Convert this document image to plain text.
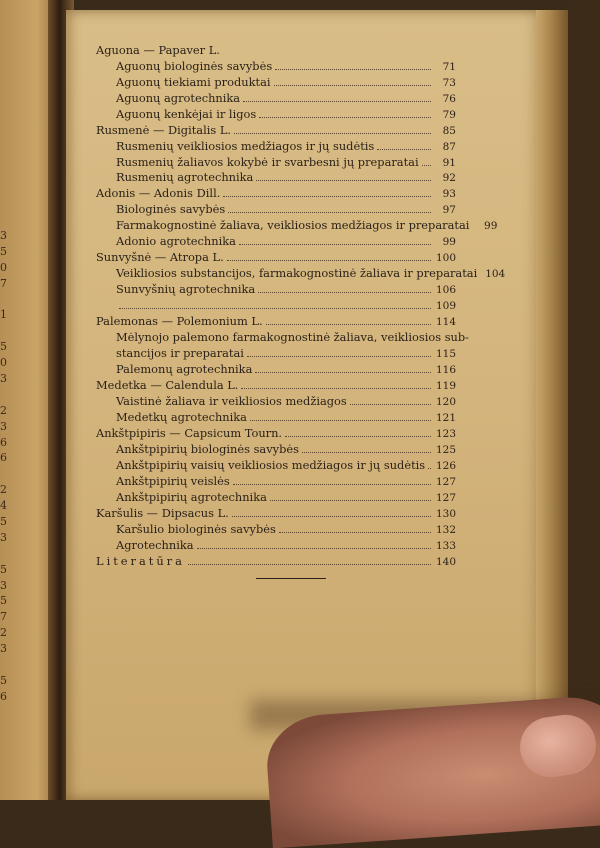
3
5
0
7
1
5
0
3
2
3
6
6
2
4
5
3
5
3
5
7
2
3
5
6
Aguona — Papaver L.
Aguonų biologinės savybės	71
Aguonų tiekiami produktai	73
Aguonų agrotechnika	76
Aguonų kenkėjai ir ligos	79
Rusmenė — Digitalis L.	85
Rusmenių veikliosios medžiagos ir jų sudėtis	87
Rusmenių žaliavos kokybė ir svarbesni jų preparatai	91
Rusmenių agrotechnika	92
Adonis — Adonis Dill.	93
Biologinės savybės	97
Farmakognostinė žaliava, veikliosios medžiagos ir preparatai	99
Adonio agrotechnika	99
Sunvyšnė — Atropa L.	100
Veikliosios substancijos, farmakognostinė žaliava ir preparatai 104
Sunvyšnių agrotechnika	106
109
Palemonas — Polemonium L.	114
Mėlynojo palemono farmakognostinė žaliava, veikliosios sub-
stancijos ir preparatai	115
Palemonų agrotechnika	116
Medetka — Calendula L.	119
Vaistinė žaliava ir veikliosios medžiagos	120
Medetkų agrotechnika	121
Ankštpipiris — Capsicum Tourn.	123
Ankštpipirių biologinės savybės	125
Ankštpipirių vaisių veikliosios medžiagos ir jų sudėtis 126
Ankštpipirių veislės	127
Ankštpipirių agrotechnika	127
Karšulis — Dipsacus L.	130
Karšulio biologinės savybės	132
Agrotechnika	133
Literatūra	140
